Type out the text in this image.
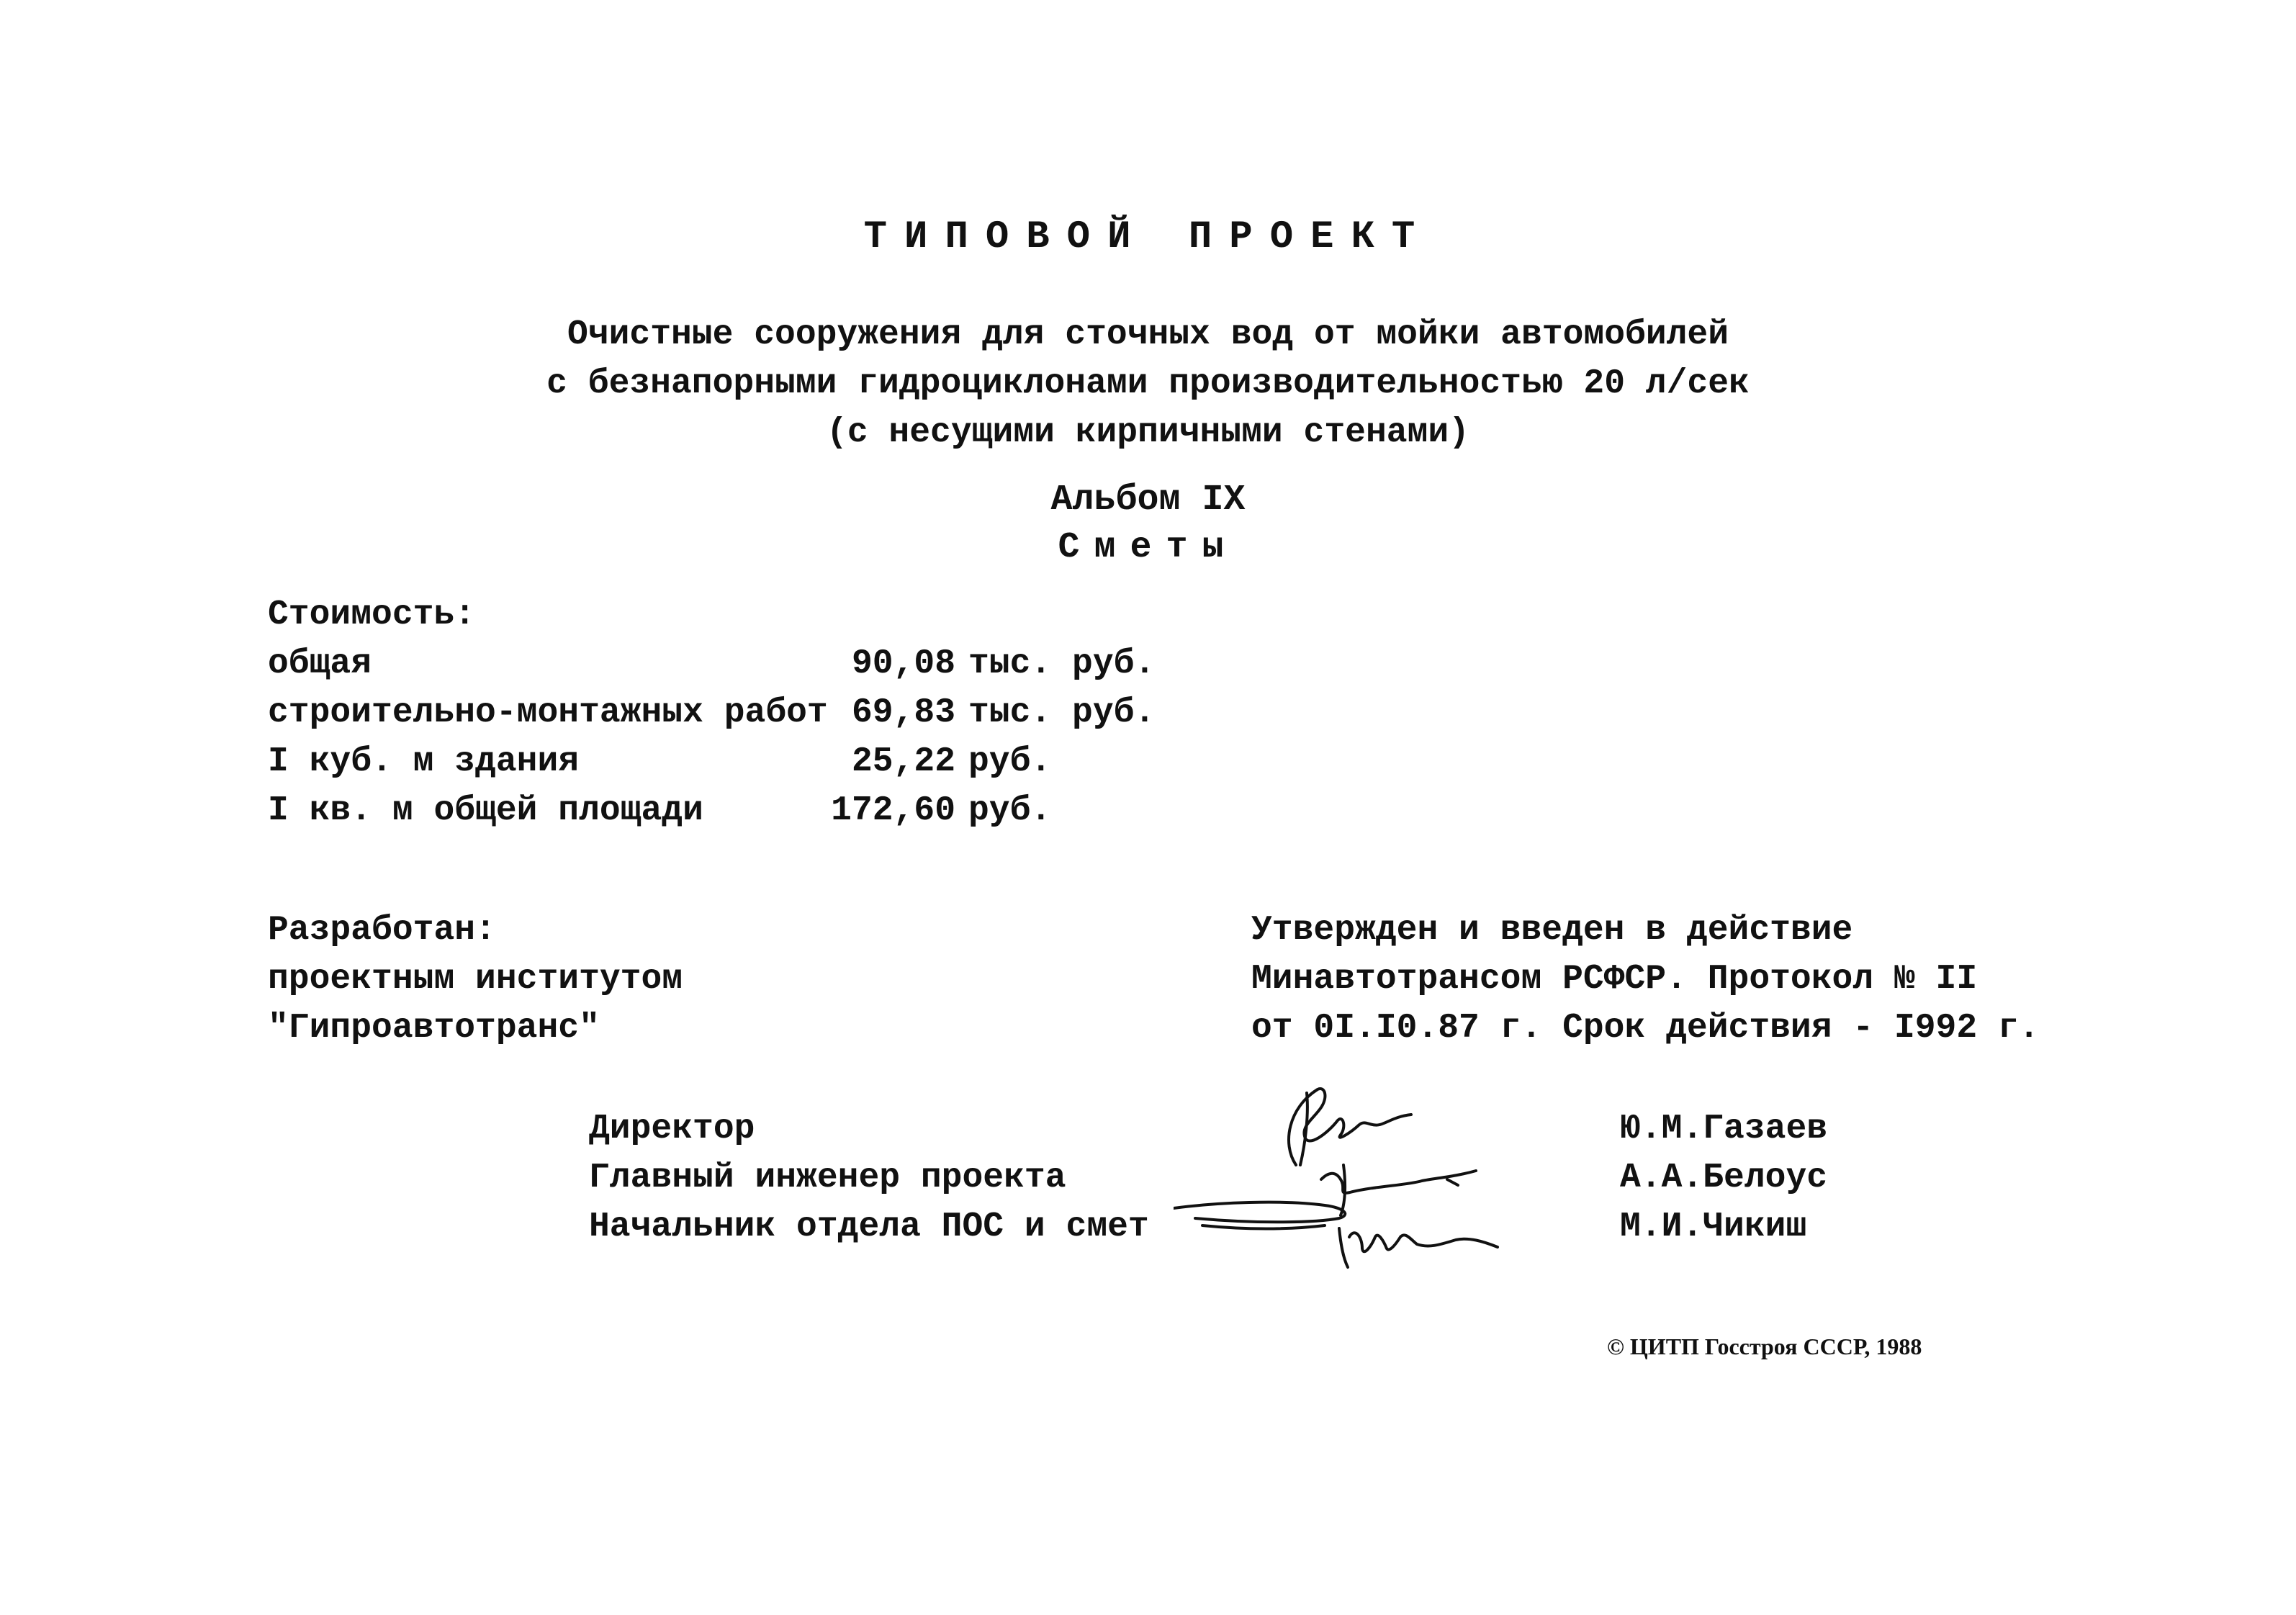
ТИПОВОЙ ПРОЕКТ
Очистные сооружения для сточных вод от мойки автомобилей
с безнапорными гидроциклонами производительностью 20 л/сек
(с несущими кирпичными стенами)
Альбом IX
Сметы
Стоимость:
общая	90,08 тыс. руб.
строительно-монтажных работ 69,83 тыс. руб.
I куб. м здания	25,22 руб.
I кв. м общей площади	172,60 руб.
Разработан:
проектным институтом
"Гипроавтотранс"
Утвержден и введен в действие
Минавтотрансом РСФСР. Протокол № II
от 0I.I0.87 г. Срок действия - I992 г.
Директор	Ю.М.Газаев
Главный инженер проекта	А.А.Белоус
Начальник отдела ПОС и смет	М.И.Чикиш
© ЦИТП Госстроя СССР, 1988
